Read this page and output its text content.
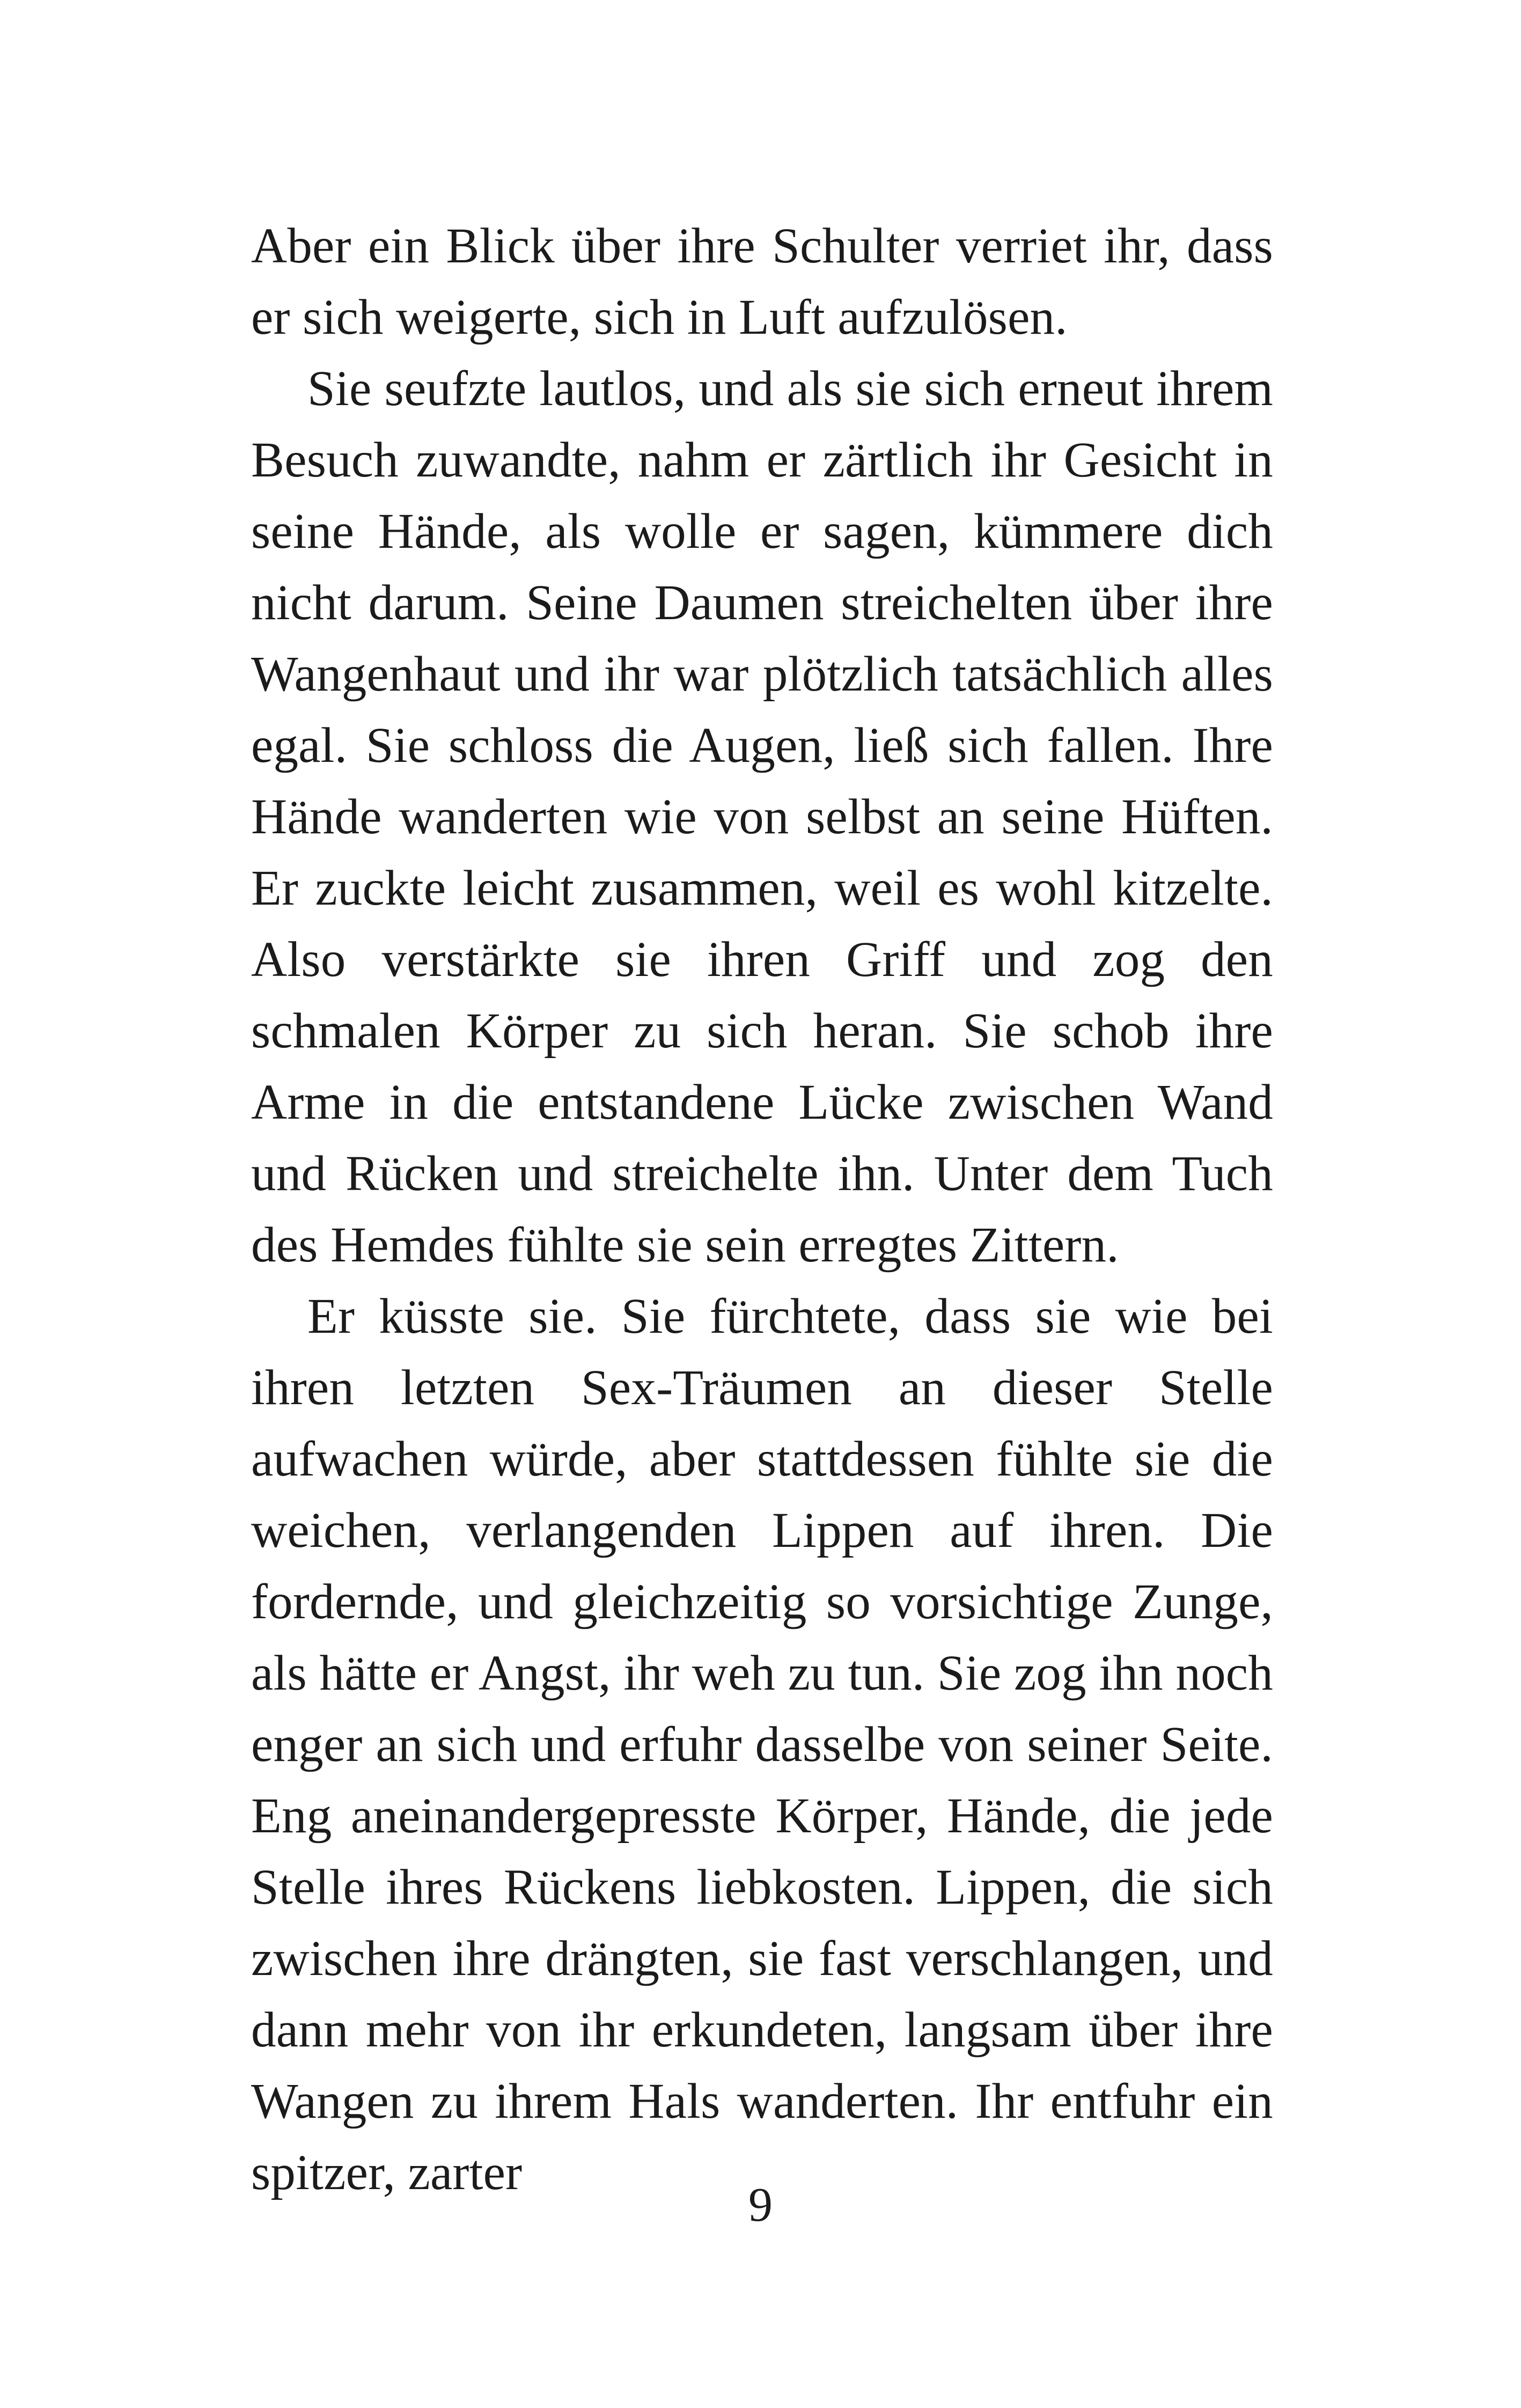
Aber ein Blick über ihre Schulter verriet ihr, dass er sich weigerte, sich in Luft aufzulösen.

Sie seufzte lautlos, und als sie sich erneut ihrem Besuch zuwandte, nahm er zärtlich ihr Gesicht in seine Hände, als wolle er sagen, kümmere dich nicht darum. Seine Daumen streichelten über ihre Wangenhaut und ihr war plötzlich tatsächlich alles egal. Sie schloss die Augen, ließ sich fallen. Ihre Hände wanderten wie von selbst an seine Hüften. Er zuckte leicht zusammen, weil es wohl kitzelte. Also verstärkte sie ihren Griff und zog den schmalen Körper zu sich heran. Sie schob ihre Arme in die entstandene Lücke zwischen Wand und Rücken und streichelte ihn. Unter dem Tuch des Hemdes fühlte sie sein erregtes Zittern.

Er küsste sie. Sie fürchtete, dass sie wie bei ihren letzten Sex-Träumen an dieser Stelle aufwachen würde, aber stattdessen fühlte sie die weichen, verlangenden Lippen auf ihren. Die fordernde, und gleichzeitig so vorsichtige Zunge, als hätte er Angst, ihr weh zu tun. Sie zog ihn noch enger an sich und erfuhr dasselbe von seiner Seite. Eng aneinandergepresste Körper, Hände, die jede Stelle ihres Rückens liebkosten. Lippen, die sich zwischen ihre drängten, sie fast verschlangen, und dann mehr von ihr erkundeten, langsam über ihre Wangen zu ihrem Hals wanderten. Ihr entfuhr ein spitzer, zarter

9
